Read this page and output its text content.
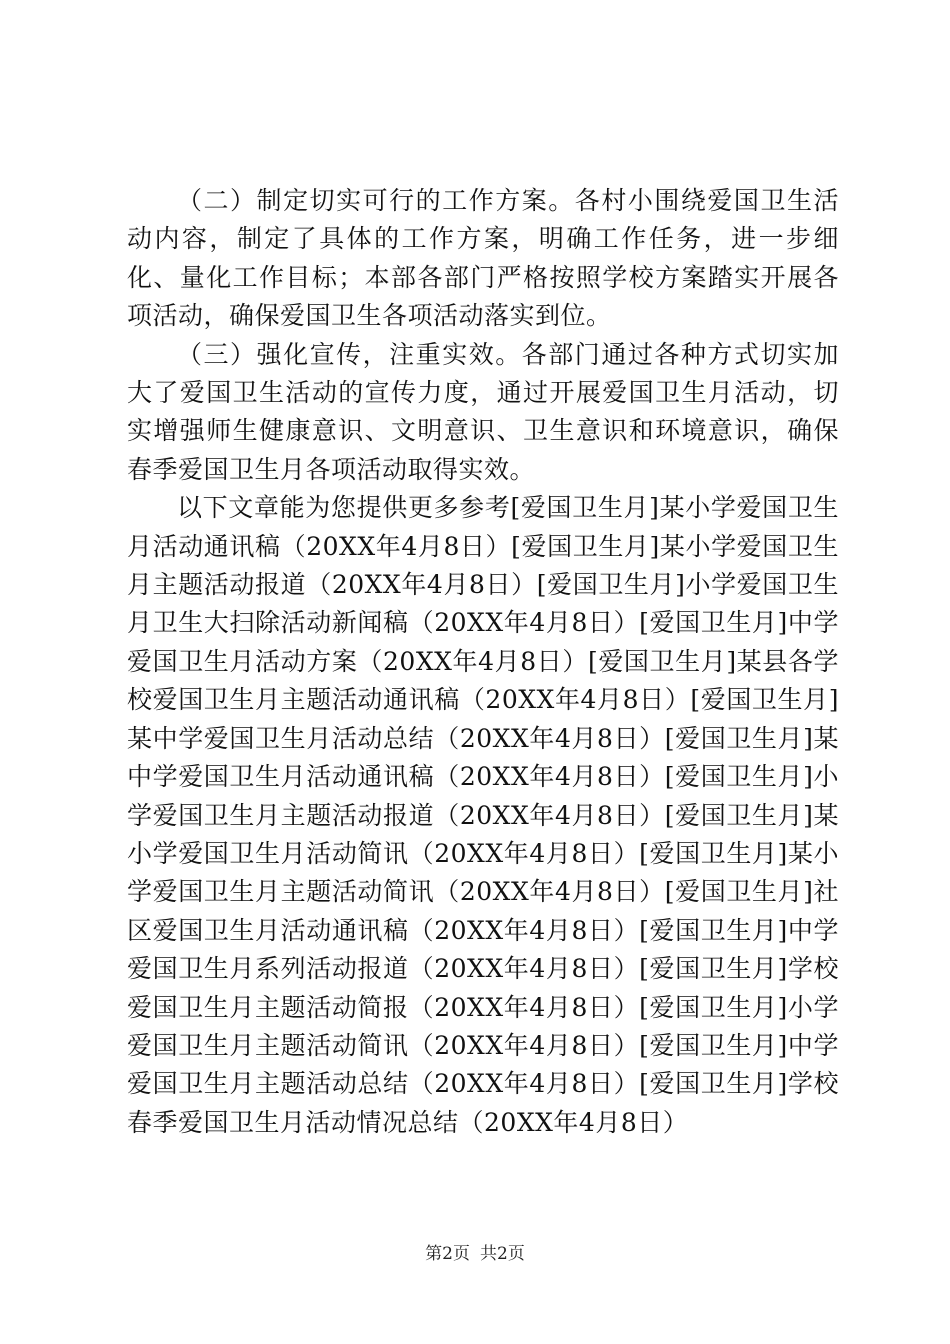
（二）制定切实可行的工作方案。各村小围绕爱国卫生活动内容，制定了具体的工作方案，明确工作任务，进一步细化、量化工作目标；本部各部门严格按照学校方案踏实开展各项活动，确保爱国卫生各项活动落实到位。

（三）强化宣传，注重实效。各部门通过各种方式切实加大了爱国卫生活动的宣传力度，通过开展爱国卫生月活动，切实增强师生健康意识、文明意识、卫生意识和环境意识，确保春季爱国卫生月各项活动取得实效。

以下文章能为您提供更多参考[爱国卫生月]某小学爱国卫生月活动通讯稿（20XX年4月8日）[爱国卫生月]某小学爱国卫生月主题活动报道（20XX年4月8日）[爱国卫生月]小学爱国卫生月卫生大扫除活动新闻稿（20XX年4月8日）[爱国卫生月]中学爱国卫生月活动方案（20XX年4月8日）[爱国卫生月]某县各学校爱国卫生月主题活动通讯稿（20XX年4月8日）[爱国卫生月]某中学爱国卫生月活动总结（20XX年4月8日）[爱国卫生月]某中学爱国卫生月活动通讯稿（20XX年4月8日）[爱国卫生月]小学爱国卫生月主题活动报道（20XX年4月8日）[爱国卫生月]某小学爱国卫生月活动简讯（20XX年4月8日）[爱国卫生月]某小学爱国卫生月主题活动简讯（20XX年4月8日）[爱国卫生月]社区爱国卫生月活动通讯稿（20XX年4月8日）[爱国卫生月]中学爱国卫生月系列活动报道（20XX年4月8日）[爱国卫生月]学校爱国卫生月主题活动简报（20XX年4月8日）[爱国卫生月]小学爱国卫生月主题活动简讯（20XX年4月8日）[爱国卫生月]中学爱国卫生月主题活动总结（20XX年4月8日）[爱国卫生月]学校春季爱国卫生月活动情况总结（20XX年4月8日）

第2页 共2页
